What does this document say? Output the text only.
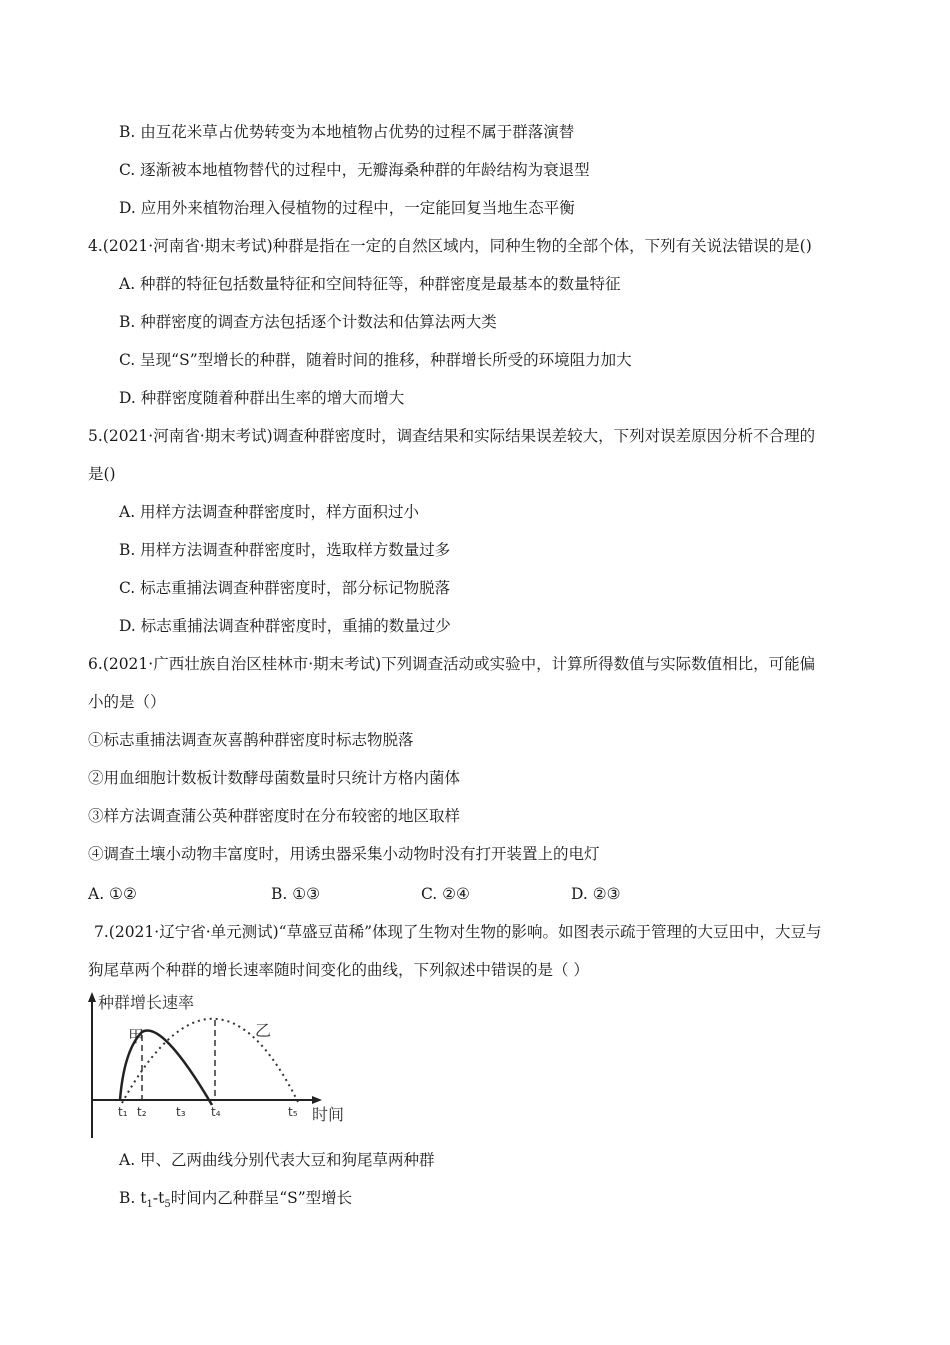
B. 由互花米草占优势转变为本地植物占优势的过程不属于群落演替
C. 逐渐被本地植物替代的过程中，无瓣海桑种群的年龄结构为衰退型
D. 应用外来植物治理入侵植物的过程中，一定能回复当地生态平衡
4.(2021·河南省·期末考试)种群是指在一定的自然区域内，同种生物的全部个体，下列有关说法错误的是()
A. 种群的特征包括数量特征和空间特征等，种群密度是最基本的数量特征
B. 种群密度的调查方法包括逐个计数法和估算法两大类
C. 呈现“S”型增长的种群，随着时间的推移，种群增长所受的环境阻力加大
D. 种群密度随着种群出生率的增大而增大
5.(2021·河南省·期末考试)调查种群密度时，调查结果和实际结果误差较大，下列对误差原因分析不合理的
是()
A. 用样方法调查种群密度时，样方面积过小
B. 用样方法调查种群密度时，选取样方数量过多
C. 标志重捕法调查种群密度时，部分标记物脱落
D. 标志重捕法调查种群密度时，重捕的数量过少
6.(2021·广西壮族自治区桂林市·期末考试)下列调查活动或实验中，计算所得数值与实际数值相比，可能偏
小的是（）
①标志重捕法调查灰喜鹊种群密度时标志物脱落
②用血细胞计数板计数酵母菌数量时只统计方格内菌体
③样方法调查蒲公英种群密度时在分布较密的地区取样
④调查土壤小动物丰富度时，用诱虫器采集小动物时没有打开装置上的电灯
A. ①②	B. ①③	C. ②④	D. ②③
7.(2021·辽宁省·单元测试)“草盛豆苗稀”体现了生物对生物的影响。如图表示疏于管理的大豆田中，大豆与
狗尾草两个种群的增长速率随时间变化的曲线，下列叙述中错误的是（ ）
种群增长速率
时间
甲	乙
t₁ t₂ t₃ t₄	t₅
A. 甲、乙两曲线分别代表大豆和狗尾草两种群
B. $t_1-t_5$时间内乙种群呈“S”型增长
